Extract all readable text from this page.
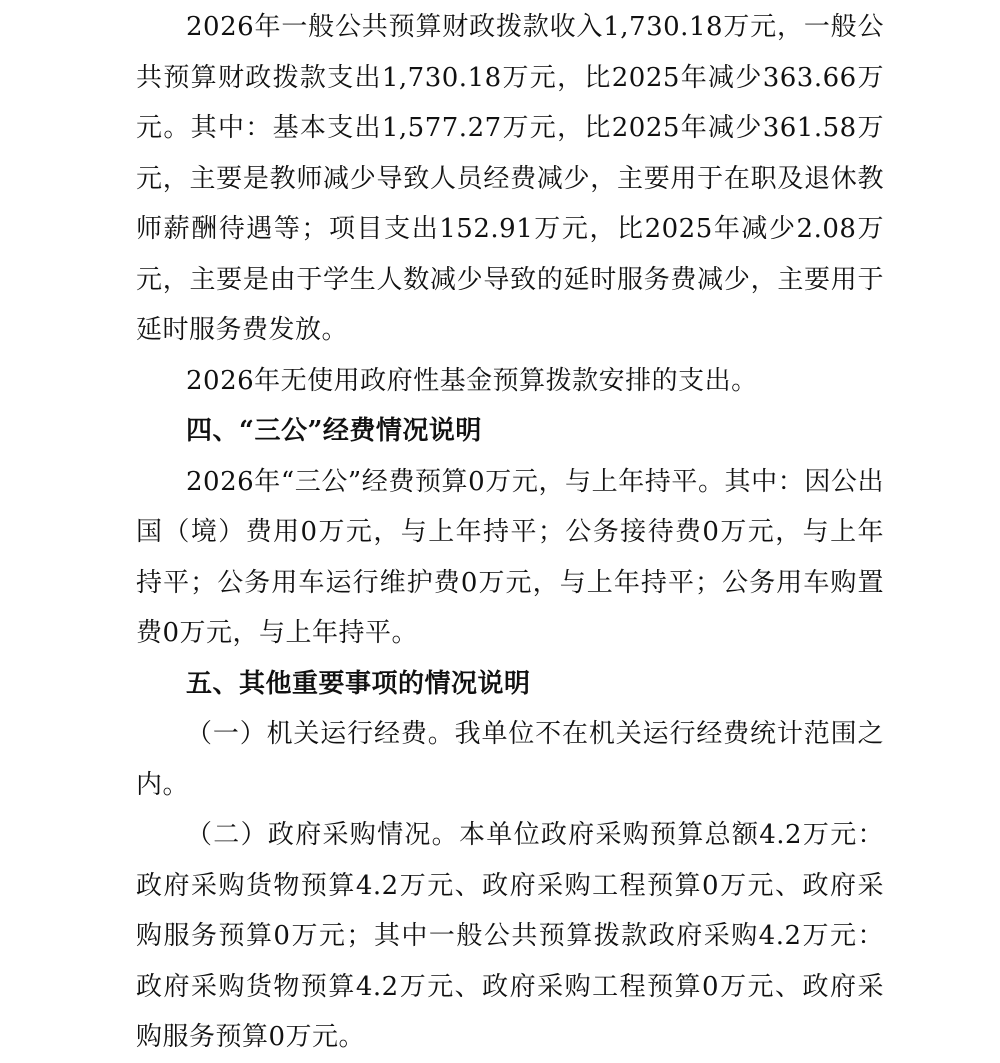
2026年一般公共预算财政拨款收入1,730.18万元，一般公共预算财政拨款支出1,730.18万元，比2025年减少363.66万元。其中：基本支出1,577.27万元，比2025年减少361.58万元，主要是教师减少导致人员经费减少，主要用于在职及退休教师薪酬待遇等；项目支出152.91万元，比2025年减少2.08万元，主要是由于学生人数减少导致的延时服务费减少，主要用于延时服务费发放。

2026年无使用政府性基金预算拨款安排的支出。

四、“三公”经费情况说明

2026年“三公”经费预算0万元，与上年持平。其中：因公出国（境）费用0万元，与上年持平；公务接待费0万元，与上年持平；公务用车运行维护费0万元，与上年持平；公务用车购置费0万元，与上年持平。

五、其他重要事项的情况说明

（一）机关运行经费。我单位不在机关运行经费统计范围之内。

（二）政府采购情况。本单位政府采购预算总额4.2万元：政府采购货物预算4.2万元、政府采购工程预算0万元、政府采购服务预算0万元；其中一般公共预算拨款政府采购4.2万元：政府采购货物预算4.2万元、政府采购工程预算0万元、政府采购服务预算0万元。
